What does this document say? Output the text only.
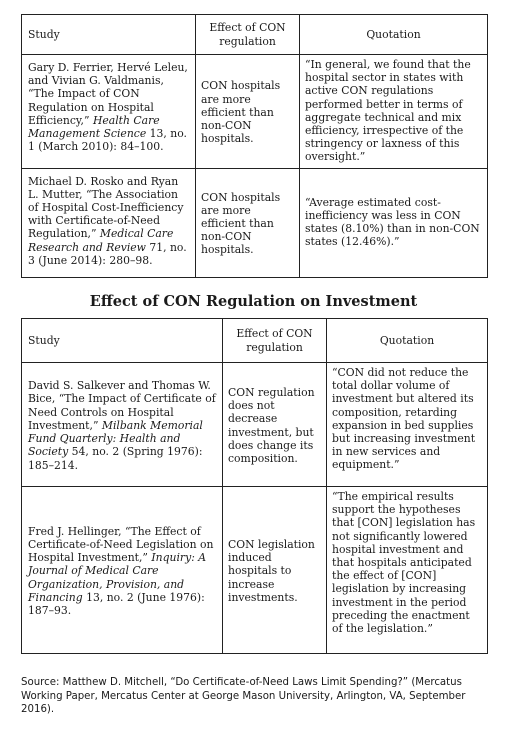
Study	Effect of CON regulation	Quotation
Gary D. Ferrier, Hervé Leleu, and Vivian G. Valdmanis, “The Impact of CON Regulation on Hospital Efficiency,” Health Care Management Science 13, no. 1 (March 2010): 84–100.	CON hospitals are more efficient than non-CON hospitals.	“In general, we found that the hospital sector in states with active CON regulations performed better in terms of aggregate technical and mix efficiency, irrespective of the stringency or laxness of this oversight.”
Michael D. Rosko and Ryan L. Mutter, “The Association of Hospital Cost-Inefficiency with Certificate-of-Need Regulation,” Medical Care Research and Review 71, no. 3 (June 2014): 280–98.	CON hospitals are more efficient than non-CON hospitals.	“Average estimated cost-inefficiency was less in CON states (8.10%) than in non-CON states (12.46%).”
Effect of CON Regulation on Investment
Study	Effect of CON regulation	Quotation
David S. Salkever and Thomas W. Bice, “The Impact of Certificate of Need Controls on Hospital Investment,” Milbank Memorial Fund Quarterly: Health and Society 54, no. 2 (Spring 1976): 185–214.	CON regulation does not decrease investment, but does change its composition.	“CON did not reduce the total dollar volume of investment but altered its composition, retarding expansion in bed supplies but increasing investment in new services and equipment.”
Fred J. Hellinger, “The Effect of Certificate-of-Need Legislation on Hospital Investment,” Inquiry: A Journal of Medical Care Organization, Provision, and Financing 13, no. 2 (June 1976): 187–93.	CON legislation induced hospitals to increase investments.	“The empirical results support the hypotheses that [CON] legislation has not significantly lowered hospital investment and that hospitals anticipated the effect of [CON] legislation by increasing investment in the period preceding the enactment of the legislation.”
Source: Matthew D. Mitchell, “Do Certificate-of-Need Laws Limit Spending?” (Mercatus Working Paper, Mercatus Center at George Mason University, Arlington, VA, September 2016).
